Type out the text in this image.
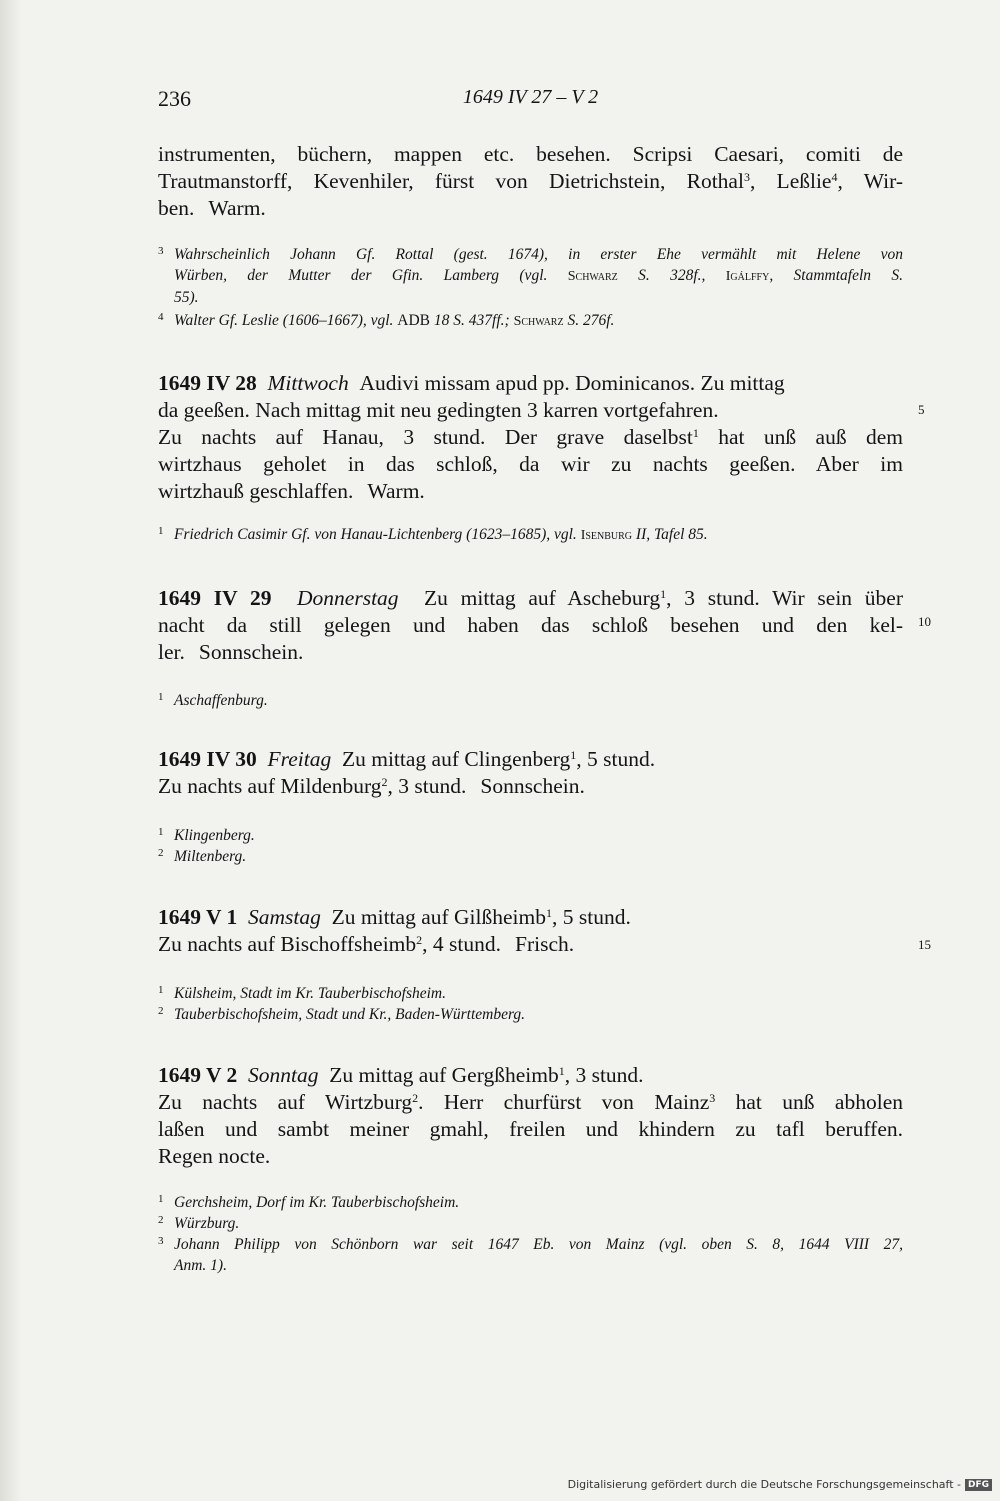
236	1649 IV 27 – V 2

instrumenten, büchern, mappen etc. besehen. Scripsi Caesari, comiti de

Trautmanstorff, Kevenhiler, fürst von Dietrichstein, Rothal$^3$, Leßlie$^4$, Wir-

ben. Warm.

3 Wahrscheinlich Johann Gf. Rottal (gest. 1674), in erster Ehe vermählt mit Helene von
Würben, der Mutter der Gfin. Lamberg (vgl. Schwarz S. 328f., Igálffy, Stammtafeln S.
55).

4 Walter Gf. Leslie (1606–1667), vgl. ADB 18 S. 437ff.; Schwarz S. 276f.

1649 IV 28 Mittwoch Audivi missam apud pp. Dominicanos. Zu mittag

da geeßen. Nach mittag mit neu gedingten 3 karren vortgefahren.

Zu nachts auf Hanau, 3 stund. Der grave daselbst$^1$ hat unß auß dem

wirtzhaus geholet in das schloß, da wir zu nachts geeßen. Aber im

wirtzhauß geschlaffen. Warm.

1 Friedrich Casimir Gf. von Hanau-Lichtenberg (1623–1685), vgl. Isenburg II, Tafel 85.

1649 IV 29 Donnerstag Zu mittag auf Ascheburg$^1$, 3 stund. Wir sein über

nacht da still gelegen und haben das schloß besehen und den kel-

ler. Sonnschein.

1 Aschaffenburg.

1649 IV 30 Freitag Zu mittag auf Clingenberg$^1$, 5 stund.

Zu nachts auf Mildenburg$^2$, 3 stund. Sonnschein.

1 Klingenberg.

2 Miltenberg.

1649 V 1 Samstag Zu mittag auf Gilßheimb$^1$, 5 stund.

Zu nachts auf Bischoffsheimb$^2$, 4 stund. Frisch.

1 Külsheim, Stadt im Kr. Tauberbischofsheim.

2 Tauberbischofsheim, Stadt und Kr., Baden-Württemberg.

1649 V 2 Sonntag Zu mittag auf Gergßheimb$^1$, 3 stund.

Zu nachts auf Wirtzburg$^2$. Herr churfürst von Mainz$^3$ hat unß abholen

laßen und sambt meiner gmahl, freilen und khindern zu tafl beruffen.

Regen nocte.

1 Gerchsheim, Dorf im Kr. Tauberbischofsheim.

2 Würzburg.

3 Johann Philipp von Schönborn war seit 1647 Eb. von Mainz (vgl. oben S. 8, 1644 VIII 27,
Anm. 1).

5
10
15
Digitalisierung gefördert durch die Deutsche Forschungsgemeinschaft - DFG
